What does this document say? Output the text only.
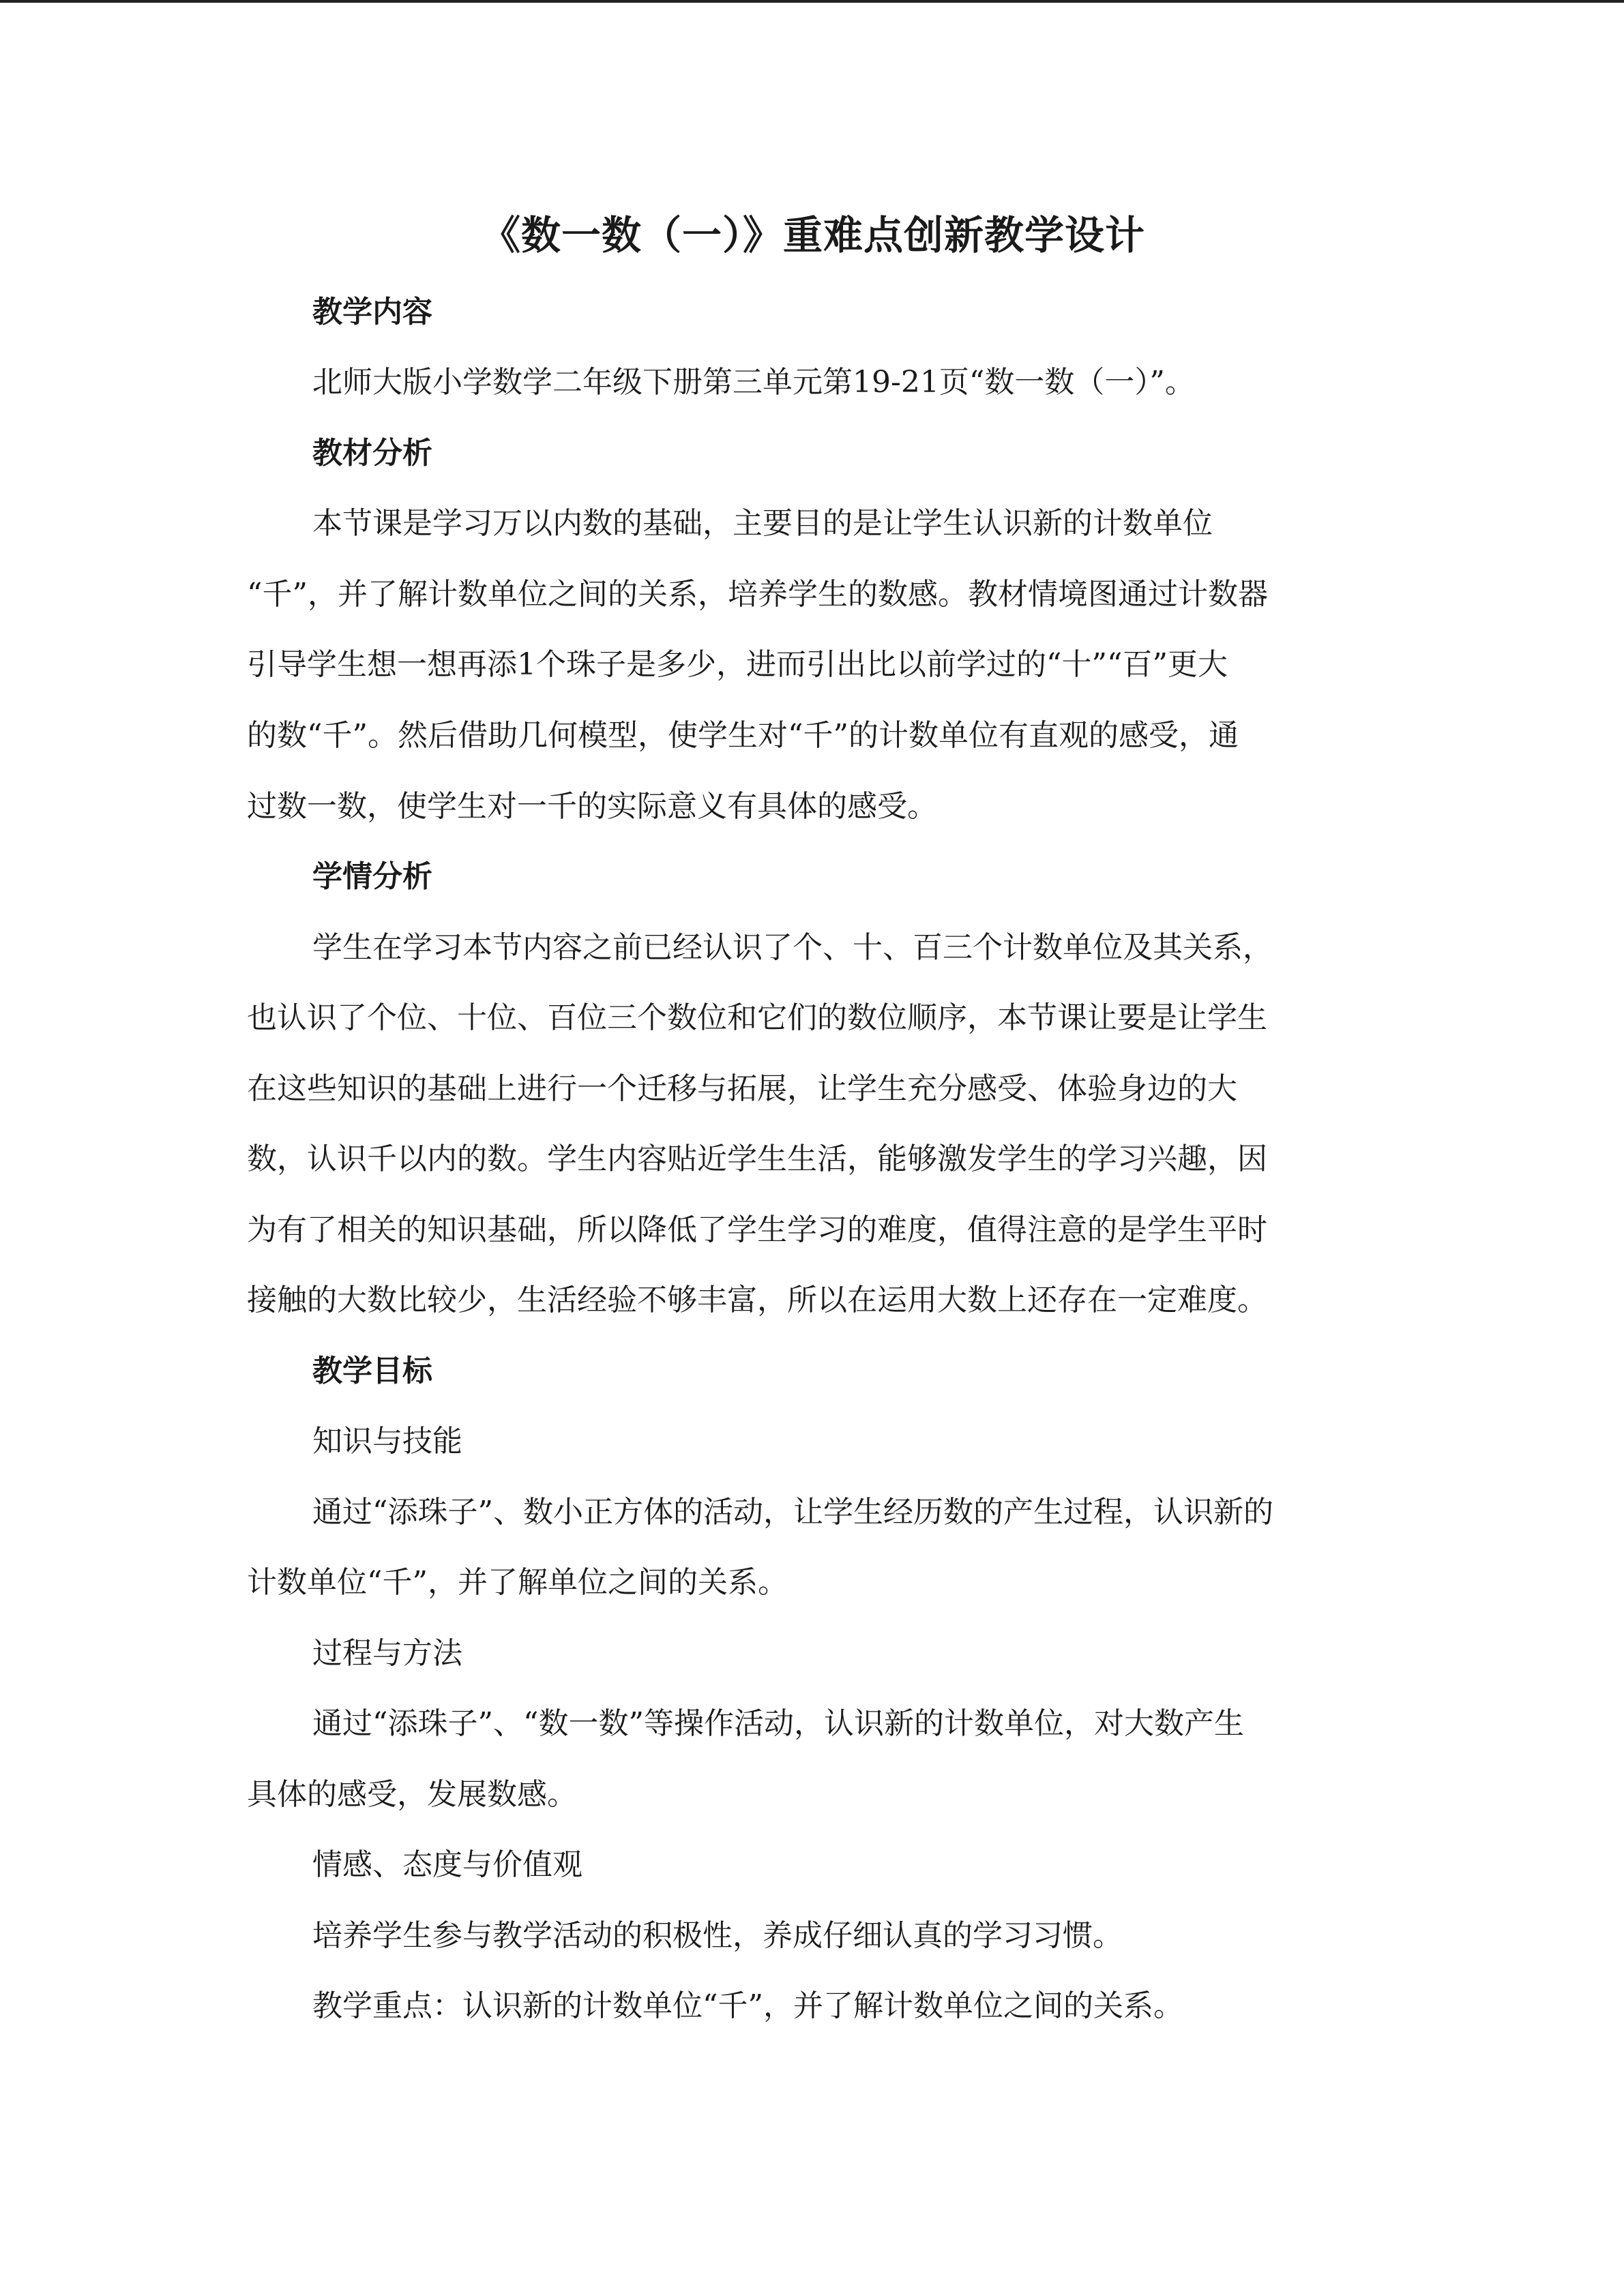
《数一数（一）》重难点创新教学设计
教学内容
北师大版小学数学二年级下册第三单元第19-21页“数一数（一）”。
教材分析
本节课是学习万以内数的基础，主要目的是让学生认识新的计数单位
“千”，并了解计数单位之间的关系，培养学生的数感。教材情境图通过计数器
引导学生想一想再添1个珠子是多少，进而引出比以前学过的“十”“百”更大
的数“千”。然后借助几何模型，使学生对“千”的计数单位有直观的感受，通
过数一数，使学生对一千的实际意义有具体的感受。
学情分析
学生在学习本节内容之前已经认识了个、十、百三个计数单位及其关系，
也认识了个位、十位、百位三个数位和它们的数位顺序，本节课让要是让学生
在这些知识的基础上进行一个迁移与拓展，让学生充分感受、体验身边的大
数，认识千以内的数。学生内容贴近学生生活，能够激发学生的学习兴趣，因
为有了相关的知识基础，所以降低了学生学习的难度，值得注意的是学生平时
接触的大数比较少，生活经验不够丰富，所以在运用大数上还存在一定难度。
教学目标
知识与技能
通过“添珠子”、数小正方体的活动，让学生经历数的产生过程，认识新的
计数单位“千”，并了解单位之间的关系。
过程与方法
通过“添珠子”、“数一数”等操作活动，认识新的计数单位，对大数产生
具体的感受，发展数感。
情感、态度与价值观
培养学生参与教学活动的积极性，养成仔细认真的学习习惯。
教学重点：认识新的计数单位“千”，并了解计数单位之间的关系。
